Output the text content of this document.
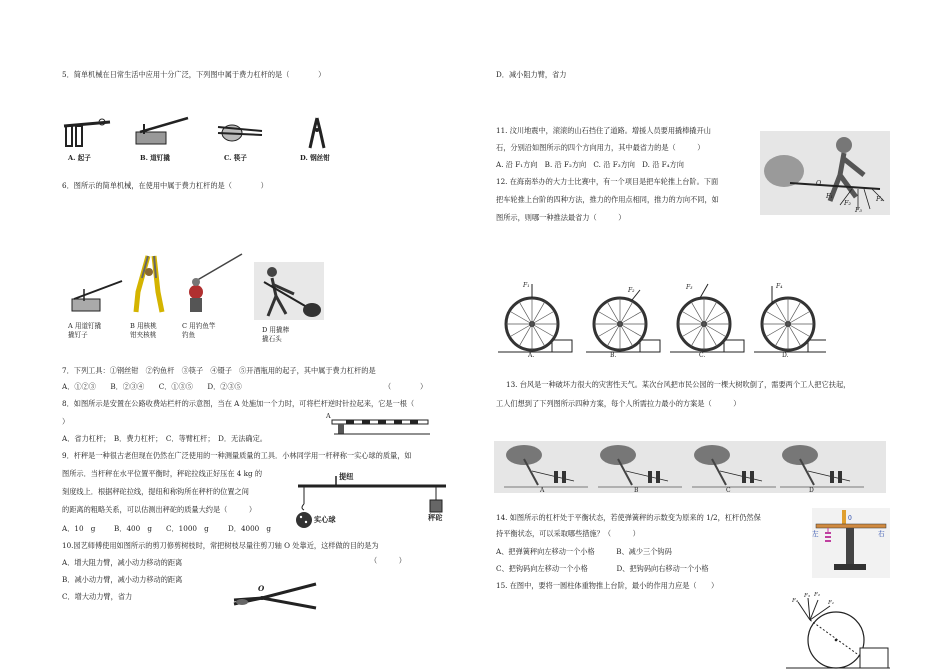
5．简单机械在日常生活中应用十分广泛，下列图中属于费力杠杆的是（　　　　）
A. 起子	B. 道钉撬	C. 筷子	D. 钢丝钳
6．图所示的简单机械，在使用中属于费力杠杆的是（　　　　）
A 用道钉撬
撬钉子
B 用核桃
钳夹核桃
C 用钓鱼竿
钓鱼
D 用撬棒
撬石头
7．下列工具：①钢丝钳　②钓鱼杆　③筷子　④镊子　⑤开酒瓶用的起子，其中属于费力杠杆的是
A．①②③　　B．②③④　　C．①③⑤　　D．②③⑤	（　　　　）
8．如图所示是安置在公路收费站栏杆的示意图，当在 A 处施加一个力时，可将栏杆逆时针拉起来，它是一根（
）
A．省力杠杆；　B．费力杠杆；　C．等臂杠杆；　D．无法确定。
A
9．杆秤是一种很古老但现在仍然在广泛使用的一种测量质量的工具．小林同学用一杆秤称一实心球的质量，如
图所示．当杆秤在水平位置平衡时，秤砣拉线正好压在 4 kg 的
刻度线上．根据秤砣拉线，提纽和称钩所在秤杆的位置之间
的距离的粗略关系，可以估测出秤砣的质量大约是（　　　）
A．10　g	B．400　g C．1000　g	D．4000　g
提纽
实心球	秤砣
10.园艺师傅使用如图所示的剪刀修剪树枝时，常把树枝尽量往剪刀轴 O 处靠近，这样做的目的是为
（　　　）
A．增大阻力臂，减小动力移动的距离
B．减小动力臂，减小动力移动的距离
C．增大动力臂，省力
O
D．减小阻力臂，省力
11. 汶川地震中，滚滚的山石挡住了道路。增援人员要用撬棒撬开山
石，分别沿如图所示的四个方向用力，其中最省力的是（　　　）
A. 沿 F₁方向　B. 沿 F₂方向　C. 沿 F₃方向　D. 沿 F₄方向
O
F₁
F₂
F₃
F₄
12. 在海南举办的大力士比赛中，有一个项目是把车轮推上台阶。下面
把车轮推上台阶的四种方法，推力的作用点相同，推力的方向不同，如
图所示，则哪一种推法最省力（　　　）
F₁
F₂	F₃	F₄
A.	B.	C.	D.
13. 台风是一种破坏力很大的灾害性天气。某次台风把市民公园的一棵大树吹倒了，需要两个工人把它扶起，
工人们想到了下列图所示四种方案，每个人所需拉力最小的方案是（　　　）
A	B	C	D
14. 如图所示的杠杆处于平衡状态，若使弹簧秤的示数变为原来的 1/2，杠杆仍然保
持平衡状态，可以采取哪些措施？（　　　）
A、把弹簧秤向左移动一个小格　　　B、减少三个钩码
C、把钩码向左移动一个小格　　　　D、把钩码向右移动一个小格
左	右
0
15. 在图中，要将一圆柱体重物推上台阶，最小的作用力应是（　　）
F₄
F₃ F₂
F₁
